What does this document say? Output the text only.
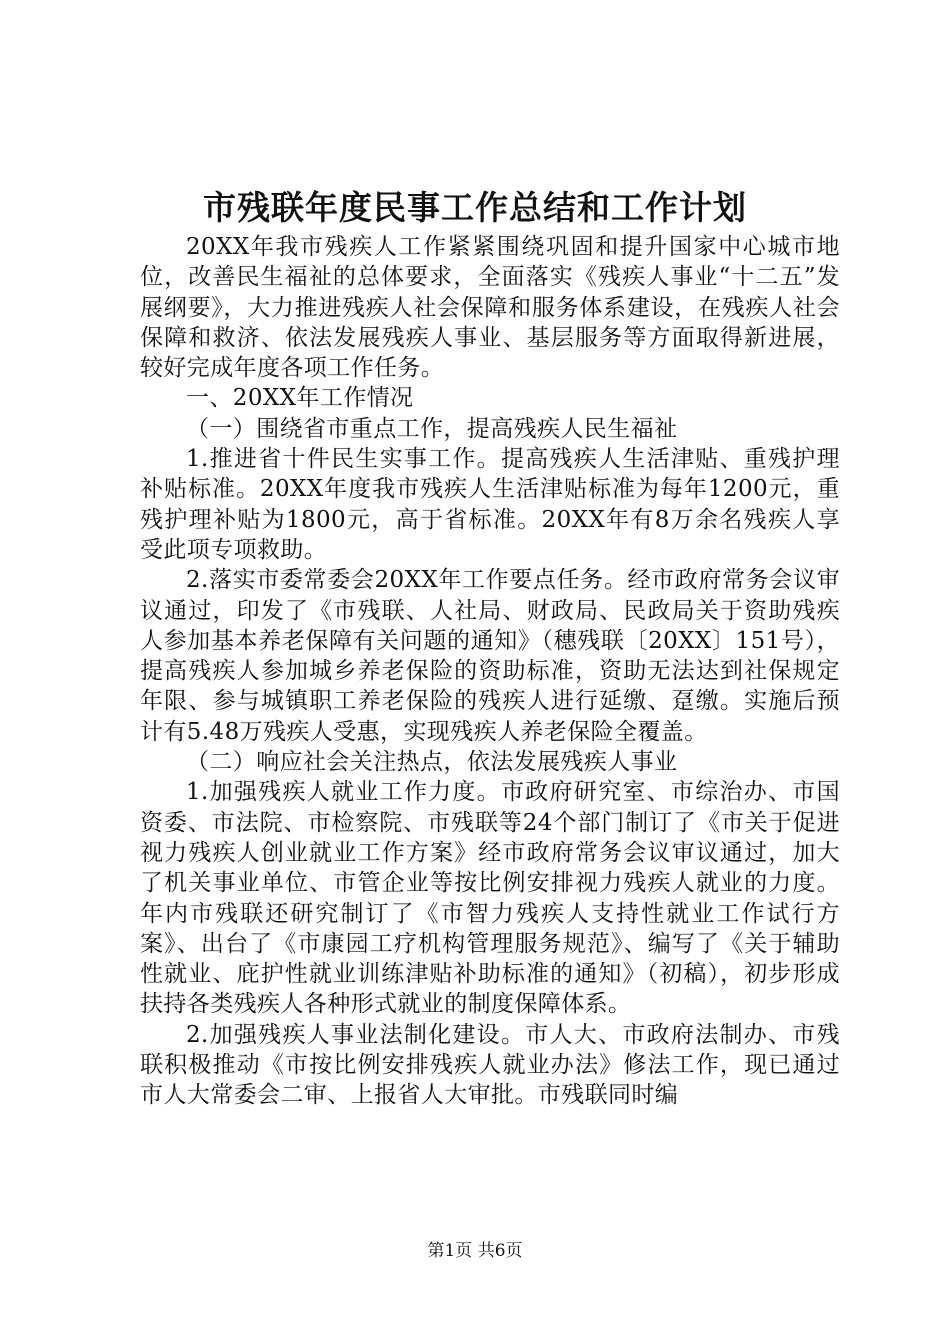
市残联年度民事工作总结和工作计划

20XX年我市残疾人工作紧紧围绕巩固和提升国家中心城市地位，改善民生福祉的总体要求，全面落实《残疾人事业“十二五”发展纲要》，大力推进残疾人社会保障和服务体系建设，在残疾人社会保障和救济、依法发展残疾人事业、基层服务等方面取得新进展，较好完成年度各项工作任务。

一、20XX年工作情况

（一）围绕省市重点工作，提高残疾人民生福祉

1.推进省十件民生实事工作。提高残疾人生活津贴、重残护理补贴标准。20XX年度我市残疾人生活津贴标准为每年1200元，重残护理补贴为1800元，高于省标准。20XX年有8万余名残疾人享受此项专项救助。

2.落实市委常委会20XX年工作要点任务。经市政府常务会议审议通过，印发了《市残联、人社局、财政局、民政局关于资助残疾人参加基本养老保障有关问题的通知》（穗残联〔20XX〕151号），提高残疾人参加城乡养老保险的资助标准，资助无法达到社保规定年限、参与城镇职工养老保险的残疾人进行延缴、趸缴。实施后预计有5.48万残疾人受惠，实现残疾人养老保险全覆盖。

（二）响应社会关注热点，依法发展残疾人事业

1.加强残疾人就业工作力度。市政府研究室、市综治办、市国资委、市法院、市检察院、市残联等24个部门制订了《市关于促进视力残疾人创业就业工作方案》经市政府常务会议审议通过，加大了机关事业单位、市管企业等按比例安排视力残疾人就业的力度。年内市残联还研究制订了《市智力残疾人支持性就业工作试行方案》、出台了《市康园工疗机构管理服务规范》、编写了《关于辅助性就业、庇护性就业训练津贴补助标准的通知》（初稿），初步形成扶持各类残疾人各种形式就业的制度保障体系。

2.加强残疾人事业法制化建设。市人大、市政府法制办、市残联积极推动《市按比例安排残疾人就业办法》修法工作，现已通过市人大常委会二审、上报省人大审批。市残联同时编

第1页 共6页
